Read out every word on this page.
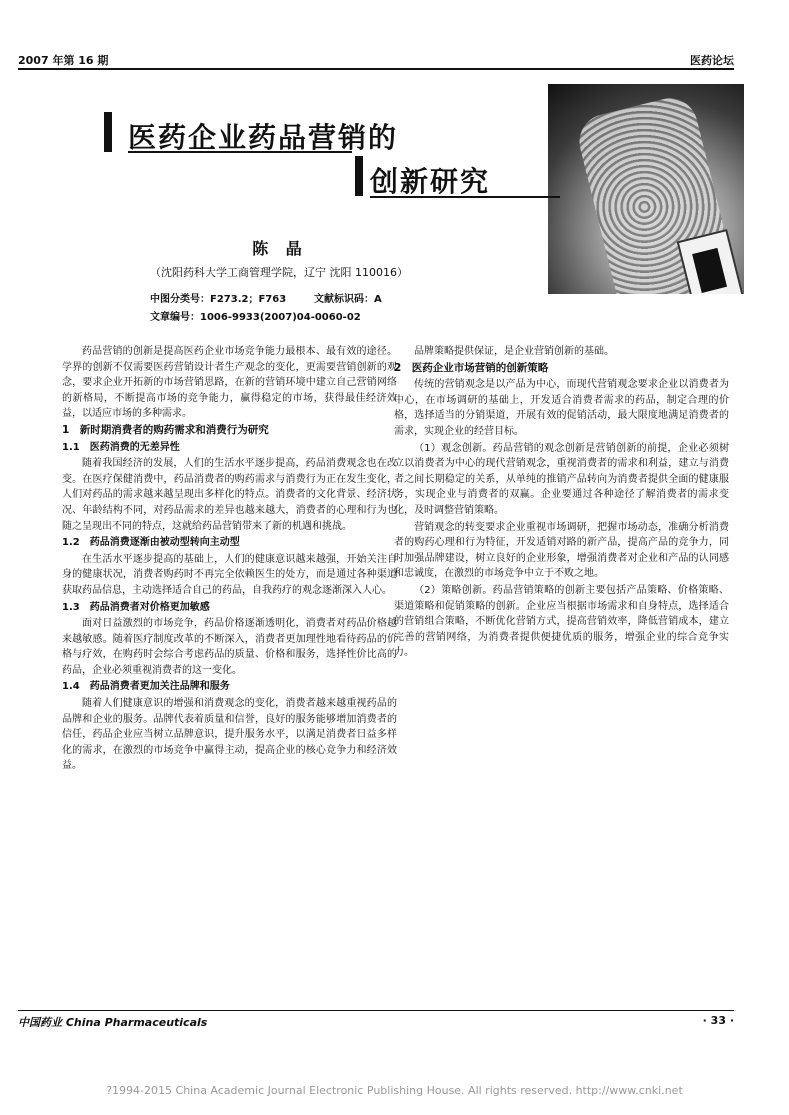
2007 年第 16 期	医药论坛
医药企业药品营销的
创新研究
陈 晶
（沈阳药科大学工商管理学院，辽宁 沈阳 110016）
中图分类号：F273.2；F763	文献标识码：A
文章编号：1006-9933(2007)04-0060-02

药品营销的创新是提高医药企业市场竞争能力最根本、最有效的途径。学界的创新不仅需要医药营销设计者生产观念的变化，更需要营销创新的观念，要求企业开拓新的市场营销思路，在新的营销环境中建立自己营销网络的新格局，不断提高市场的竞争能力，赢得稳定的市场，获得最佳经济效益，以适应市场的多种需求。

1　新时期消费者的购药需求和消费行为研究
1.1　医药消费的无差异性

随着我国经济的发展，人们的生活水平逐步提高，药品消费观念也在改变。在医疗保健消费中，药品消费者的购药需求与消费行为正在发生变化，人们对药品的需求越来越呈现出多样化的特点。消费者的文化背景、经济状况、年龄结构不同，对药品需求的差异也越来越大，消费者的心理和行为也随之呈现出不同的特点，这就给药品营销带来了新的机遇和挑战。

1.2　药品消费逐渐由被动型转向主动型

在生活水平逐步提高的基础上，人们的健康意识越来越强，开始关注自身的健康状况，消费者购药时不再完全依赖医生的处方，而是通过各种渠道获取药品信息，主动选择适合自己的药品，自我药疗的观念逐渐深入人心。

1.3　药品消费者对价格更加敏感

面对日益激烈的市场竞争，药品价格逐渐透明化，消费者对药品价格越来越敏感。随着医疗制度改革的不断深入，消费者更加理性地看待药品的价格与疗效，在购药时会综合考虑药品的质量、价格和服务，选择性价比高的药品，企业必须重视消费者的这一变化。

1.4　药品消费者更加关注品牌和服务

随着人们健康意识的增强和消费观念的变化，消费者越来越重视药品的品牌和企业的服务。品牌代表着质量和信誉，良好的服务能够增加消费者的信任，药品企业应当树立品牌意识，提升服务水平，以满足消费者日益多样化的需求，在激烈的市场竞争中赢得主动，提高企业的核心竞争力和经济效益。

品牌策略提供保证，是企业营销创新的基础。

2　医药企业市场营销的创新策略

传统的营销观念是以产品为中心，而现代营销观念要求企业以消费者为中心，在市场调研的基础上，开发适合消费者需求的药品，制定合理的价格，选择适当的分销渠道，开展有效的促销活动，最大限度地满足消费者的需求，实现企业的经营目标。

（1）观念创新。药品营销的观念创新是营销创新的前提，企业必须树立以消费者为中心的现代营销观念，重视消费者的需求和利益，建立与消费者之间长期稳定的关系，从单纯的推销产品转向为消费者提供全面的健康服务，实现企业与消费者的双赢。企业要通过各种途径了解消费者的需求变化，及时调整营销策略。

营销观念的转变要求企业重视市场调研，把握市场动态，准确分析消费者的购药心理和行为特征，开发适销对路的新产品，提高产品的竞争力，同时加强品牌建设，树立良好的企业形象，增强消费者对企业和产品的认同感和忠诚度，在激烈的市场竞争中立于不败之地。

（2）策略创新。药品营销策略的创新主要包括产品策略、价格策略、渠道策略和促销策略的创新。企业应当根据市场需求和自身特点，选择适合的营销组合策略，不断优化营销方式，提高营销效率，降低营销成本，建立完善的营销网络，为消费者提供便捷优质的服务，增强企业的综合竞争实力。

中国药业 China Pharmaceuticals	· 33 ·
?1994-2015 China Academic Journal Electronic Publishing House. All rights reserved. http://www.cnki.net
